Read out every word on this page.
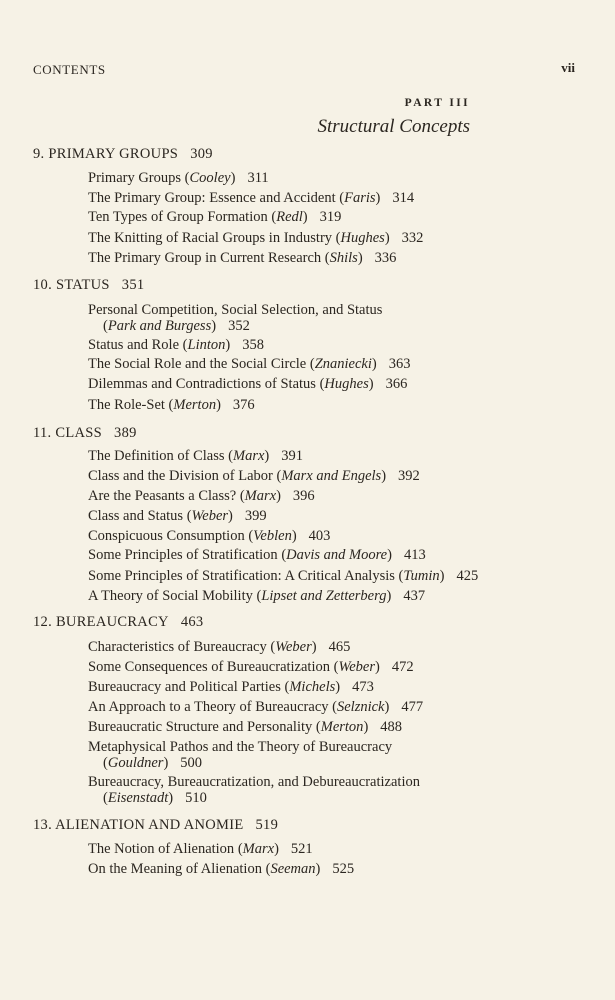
CONTENTS	vii
PART III
Structural Concepts
9. PRIMARY GROUPS 309
Primary Groups (Cooley) 311
The Primary Group: Essence and Accident (Faris) 314
Ten Types of Group Formation (Redl) 319
The Knitting of Racial Groups in Industry (Hughes) 332
The Primary Group in Current Research (Shils) 336
10. STATUS 351
Personal Competition, Social Selection, and Status
(Park and Burgess) 352
Status and Role (Linton) 358
The Social Role and the Social Circle (Znaniecki) 363
Dilemmas and Contradictions of Status (Hughes) 366
The Role-Set (Merton) 376
11. CLASS 389
The Definition of Class (Marx) 391
Class and the Division of Labor (Marx and Engels) 392
Are the Peasants a Class? (Marx) 396
Class and Status (Weber) 399
Conspicuous Consumption (Veblen) 403
Some Principles of Stratification (Davis and Moore) 413
Some Principles of Stratification: A Critical Analysis (Tumin) 425
A Theory of Social Mobility (Lipset and Zetterberg) 437
12. BUREAUCRACY 463
Characteristics of Bureaucracy (Weber) 465
Some Consequences of Bureaucratization (Weber) 472
Bureaucracy and Political Parties (Michels) 473
An Approach to a Theory of Bureaucracy (Selznick) 477
Bureaucratic Structure and Personality (Merton) 488
Metaphysical Pathos and the Theory of Bureaucracy
(Gouldner) 500
Bureaucracy, Bureaucratization, and Debureaucratization
(Eisenstadt) 510
13. ALIENATION AND ANOMIE 519
The Notion of Alienation (Marx) 521
On the Meaning of Alienation (Seeman) 525
